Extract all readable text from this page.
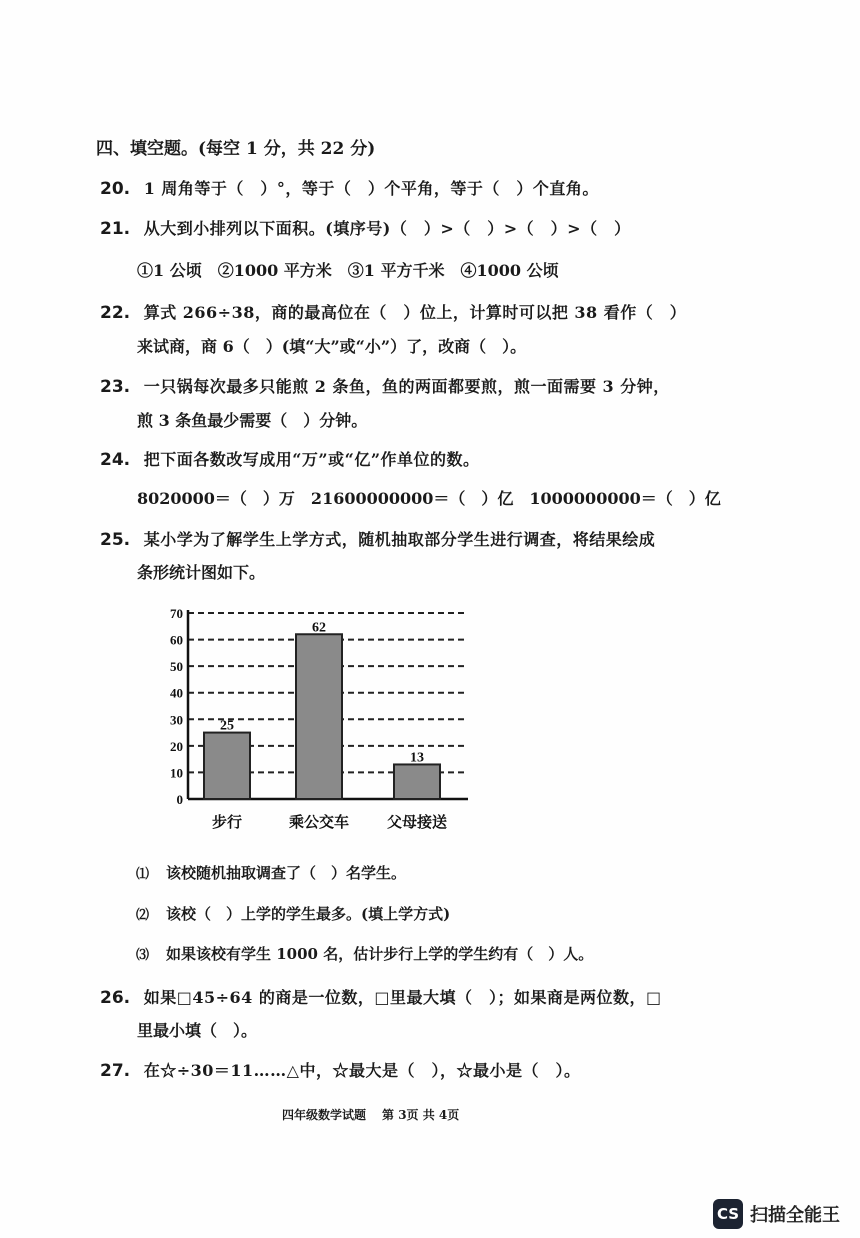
四、填空题。(每空 1 分，共 22 分)
20. 1 周角等于（　）°，等于（　）个平角，等于（　）个直角。
21. 从大到小排列以下面积。(填序号)（　）>（　）>（　）>（　）
①1 公顷　②1000 平方米　③1 平方千米　④1000 公顷
22. 算式 266÷38，商的最高位在（　）位上，计算时可以把 38 看作（　）
来试商，商 6（　）(填“大”或“小”）了，改商（　）。
23. 一只锅每次最多只能煎 2 条鱼，鱼的两面都要煎，煎一面需要 3 分钟，
煎 3 条鱼最少需要（　）分钟。
24. 把下面各数改写成用“万”或“亿”作单位的数。
8020000＝（　）万　21600000000＝（　）亿　1000000000＝（　）亿
25. 某小学为了解学生上学方式，随机抽取部分学生进行调查，将结果绘成
条形统计图如下。
0
10
20
30
40
50
60
70
25
步行
62
乘公交车
13
父母接送
⑴ 该校随机抽取调查了（　）名学生。
⑵ 该校（　）上学的学生最多。(填上学方式)
⑶ 如果该校有学生 1000 名，估计步行上学的学生约有（　）人。
26. 如果□45÷64 的商是一位数，□里最大填（　）；如果商是两位数，□
里最小填（　）。
27. 在☆÷30＝11……△中，☆最大是（　），☆最小是（　）。
四年级数学试题 第 3页 共 4页
CS 扫描全能王
